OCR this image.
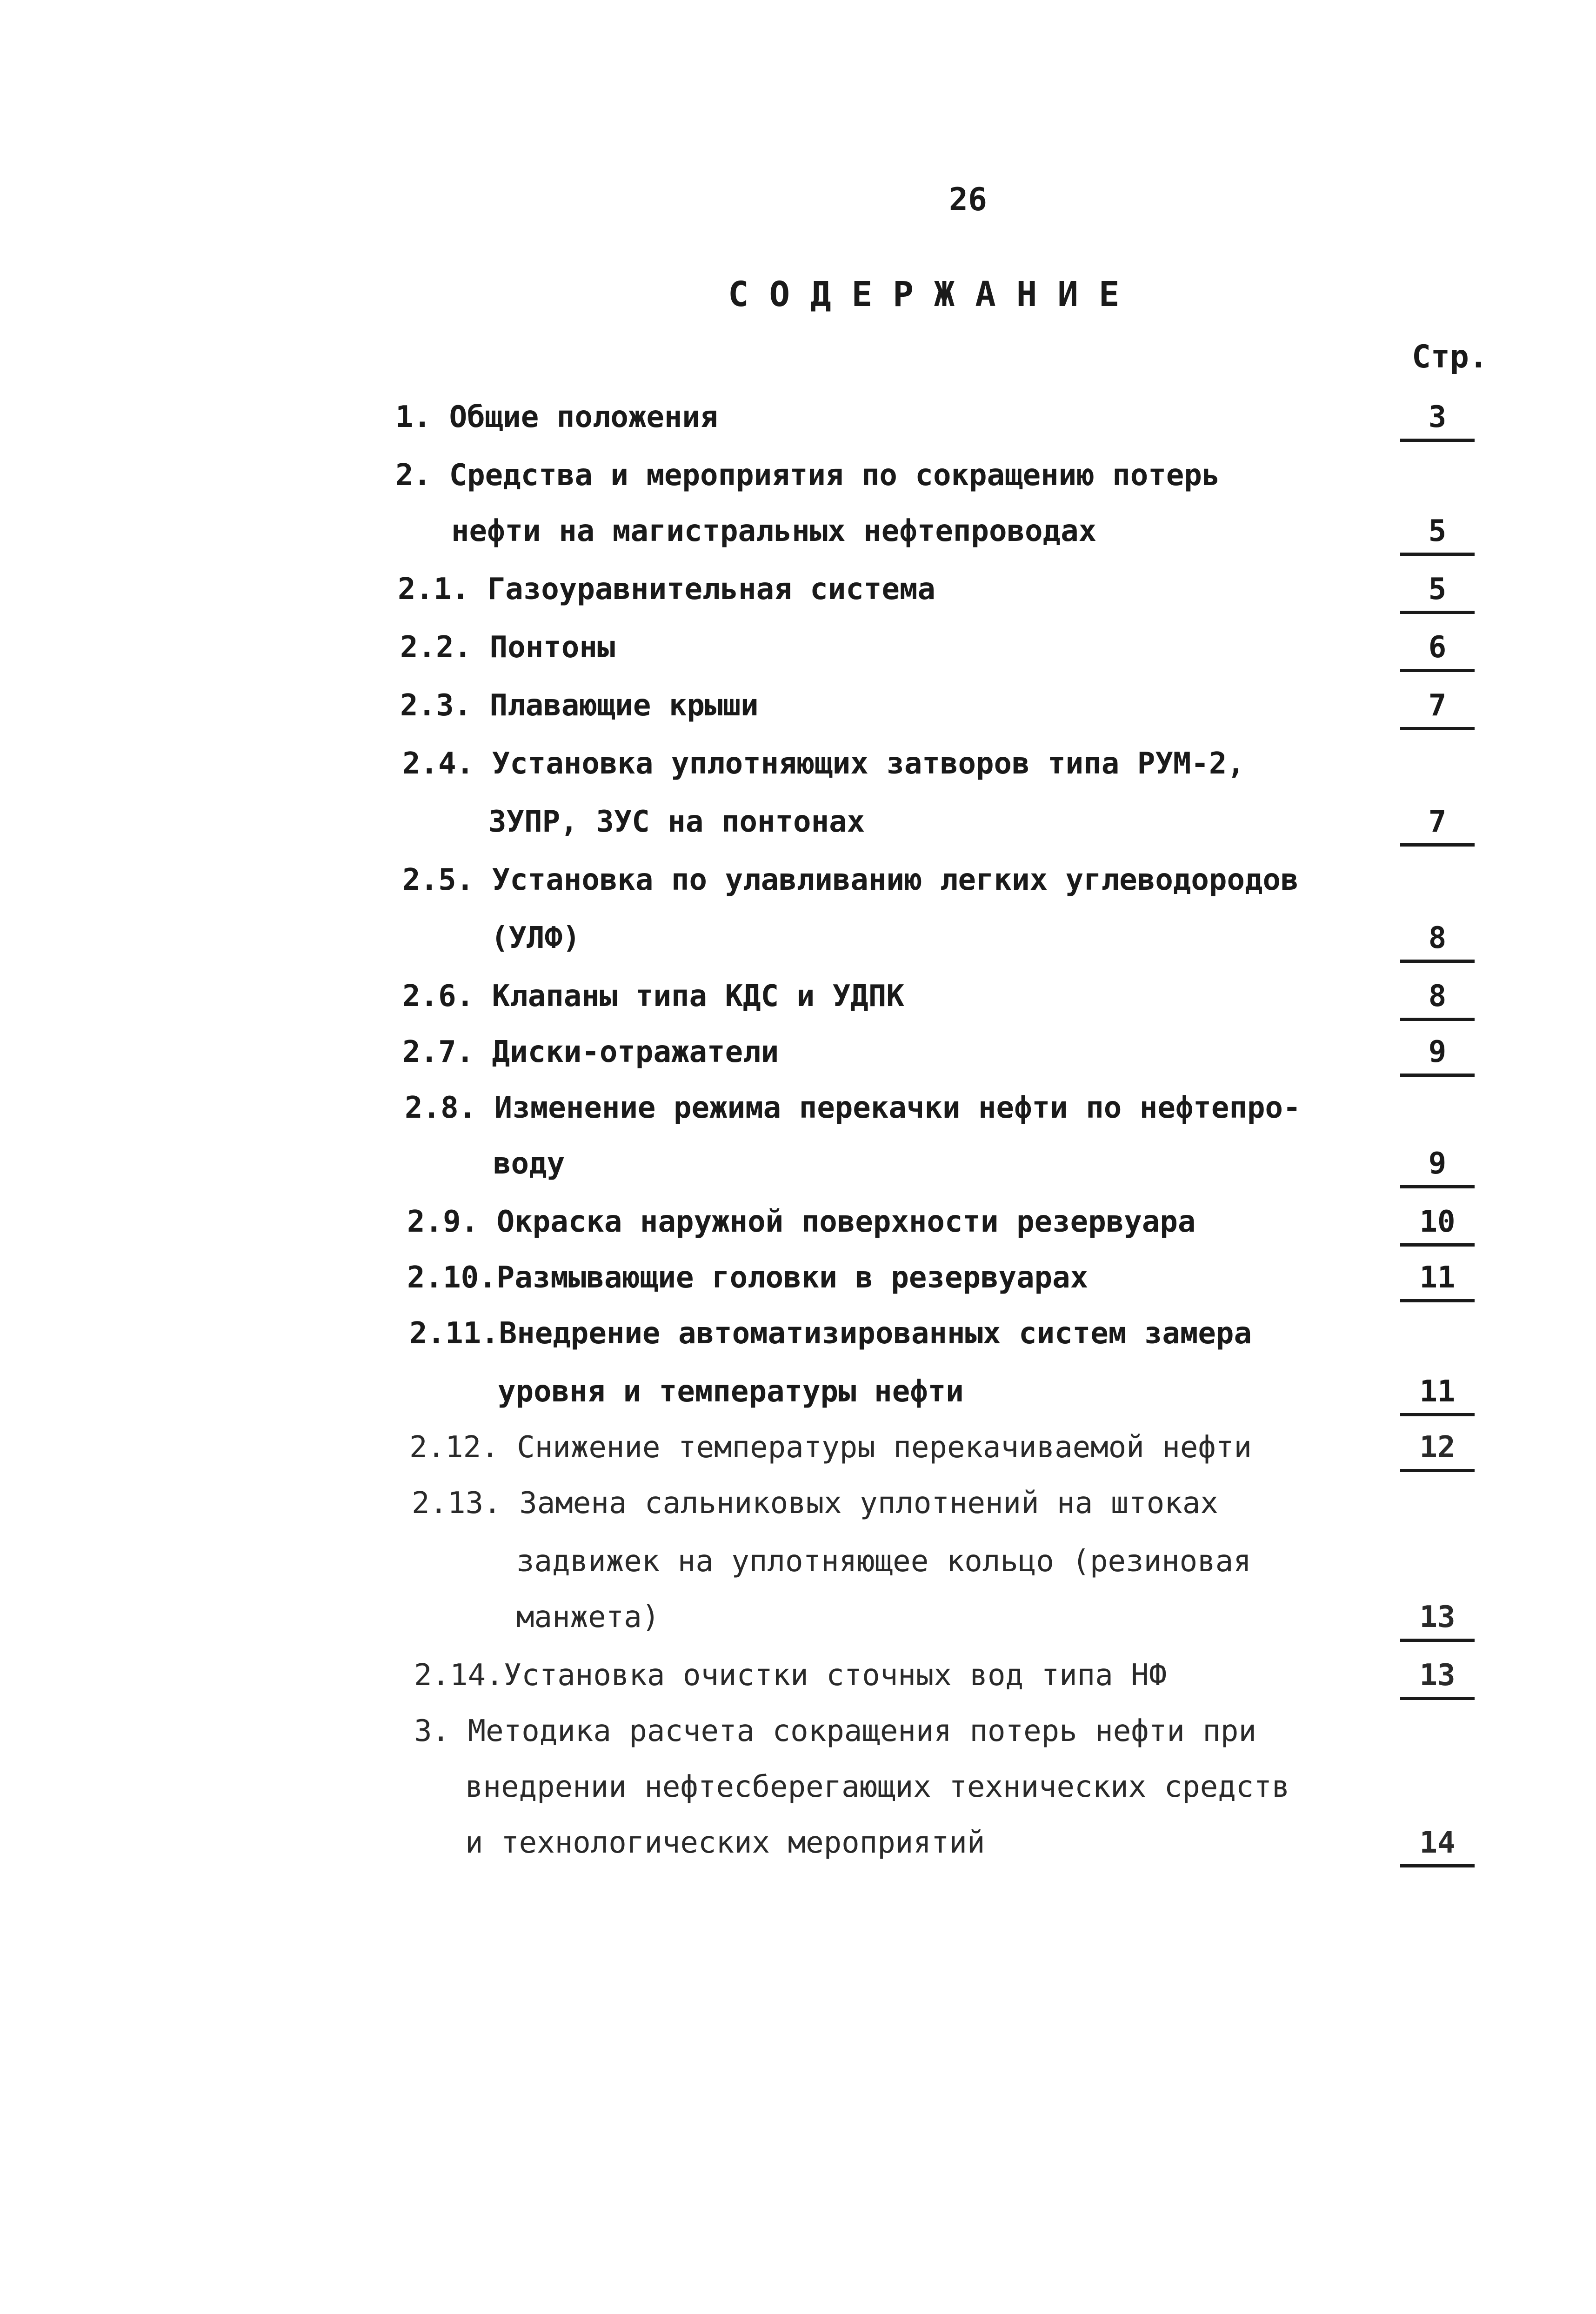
26
СОДЕРЖАНИЕ
Стр.
1. Общие положения	3
2. Средства и мероприятия по сокращению потерь
нефти на магистральных нефтепроводах	5
2.1. Газоуравнительная система	5
2.2. Понтоны	6
2.3. Плавающие крыши	7
2.4. Установка уплотняющих затворов типа РУМ-2,
ЗУПР, ЗУС на понтонах	7
2.5. Установка по улавливанию легких углеводородов
(УЛФ)	8
2.6. Клапаны типа КДС и УДПК	8
2.7. Диски-отражатели	9
2.8. Изменение режима перекачки нефти по нефтепро-
воду	9
2.9. Окраска наружной поверхности резервуара	10
2.10.Размывающие головки в резервуарах	11
2.11.Внедрение автоматизированных систем замера
уровня и температуры нефти	11
2.12. Снижение температуры перекачиваемой нефти	12
2.13. Замена сальниковых уплотнений на штоках
задвижек на уплотняющее кольцо (резиновая
манжета)	13
2.14.Установка очистки сточных вод типа НФ	13
3. Методика расчета сокращения потерь нефти при
внедрении нефтесберегающих технических средств
и технологических мероприятий	14
